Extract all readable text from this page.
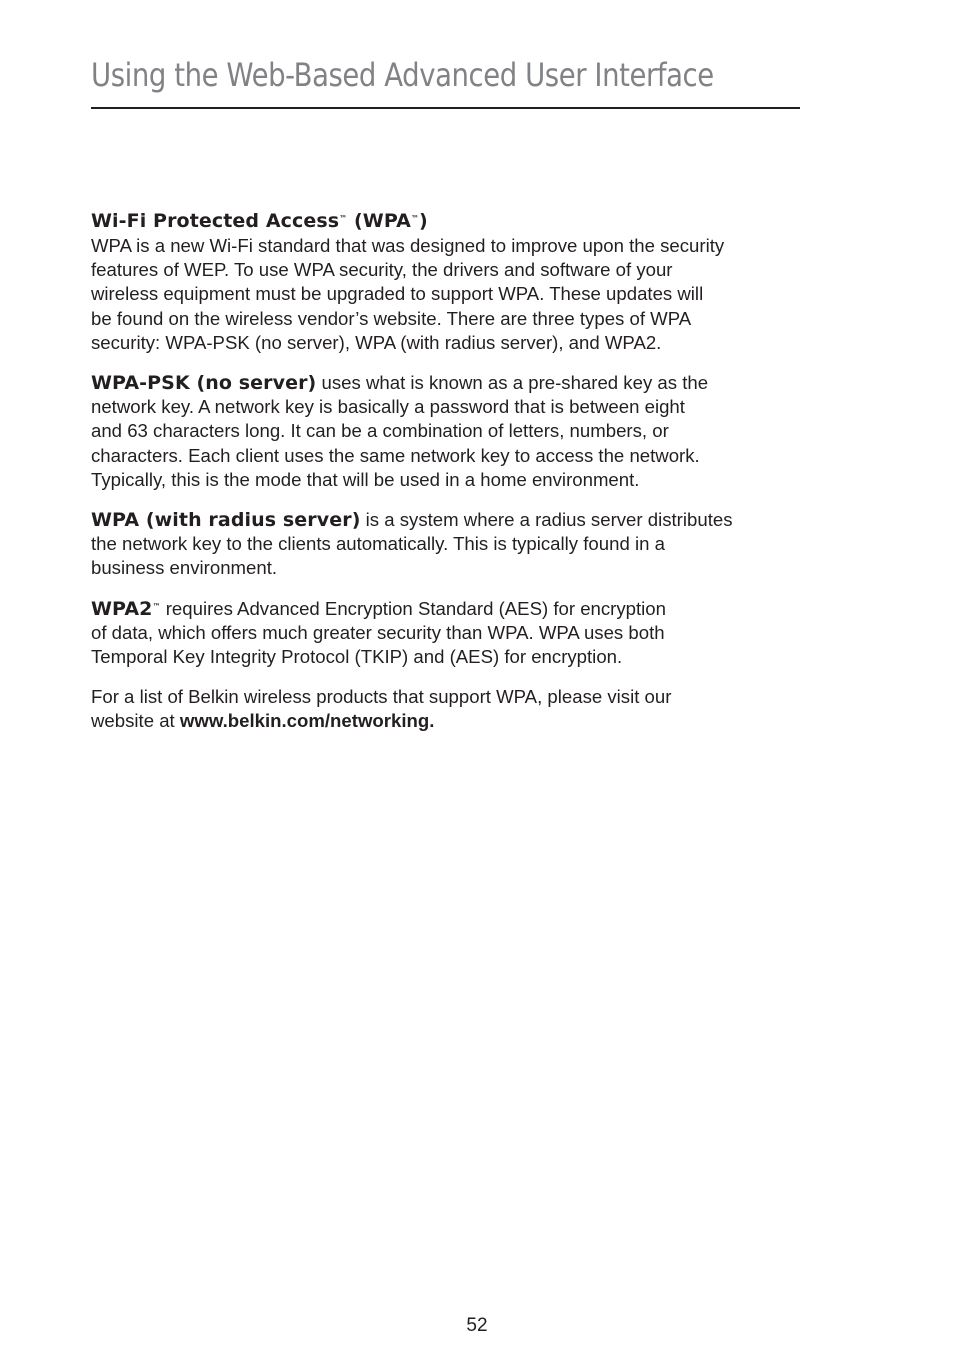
Using the Web-Based Advanced User Interface
Wi-Fi Protected Access™ (WPA™)

WPA is a new Wi-Fi standard that was designed to improve upon the security
features of WEP. To use WPA security, the drivers and software of your
wireless equipment must be upgraded to support WPA. These updates will
be found on the wireless vendor’s website. There are three types of WPA
security: WPA-PSK (no server), WPA (with radius server), and WPA2.

WPA-PSK (no server) uses what is known as a pre-shared key as the
network key. A network key is basically a password that is between eight
and 63 characters long. It can be a combination of letters, numbers, or
characters. Each client uses the same network key to access the network.
Typically, this is the mode that will be used in a home environment.

WPA (with radius server) is a system where a radius server distributes
the network key to the clients automatically. This is typically found in a
business environment.

WPA2™ requires Advanced Encryption Standard (AES) for encryption
of data, which offers much greater security than WPA. WPA uses both
Temporal Key Integrity Protocol (TKIP) and (AES) for encryption.

For a list of Belkin wireless products that support WPA, please visit our
website at www.belkin.com/networking.

52
